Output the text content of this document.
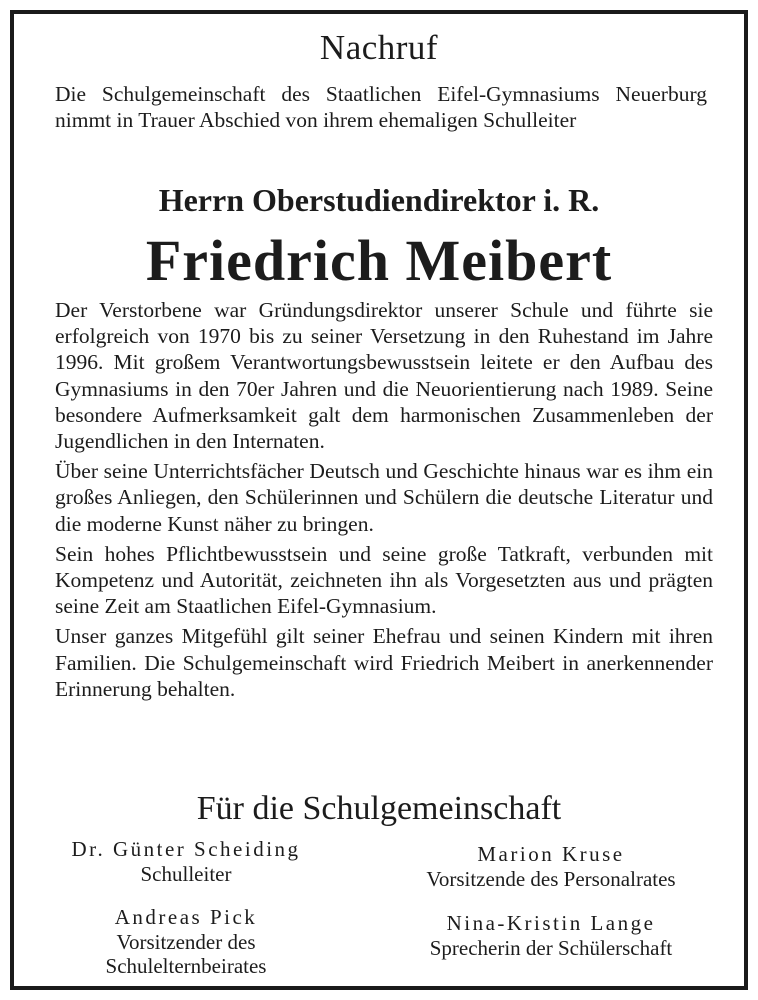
Nachruf
Die Schulgemeinschaft des Staatlichen Eifel-Gymnasiums Neuerburg nimmt in Trauer Abschied von ihrem ehemaligen Schulleiter
Herrn Oberstudiendirektor i. R.
Friedrich Meibert

Der Verstorbene war Gründungsdirektor unserer Schule und führte sie erfolgreich von 1970 bis zu seiner Versetzung in den Ruhestand im Jahre 1996. Mit großem Verantwortungsbewusstsein leitete er den Aufbau des Gymnasiums in den 70er Jahren und die Neuorientierung nach 1989. Seine besondere Aufmerksamkeit galt dem harmonischen Zusammenleben der Jugendlichen in den Internaten.

Über seine Unterrichtsfächer Deutsch und Geschichte hinaus war es ihm ein großes Anliegen, den Schülerinnen und Schülern die deutsche Literatur und die moderne Kunst näher zu bringen.

Sein hohes Pflichtbewusstsein und seine große Tatkraft, verbunden mit Kompetenz und Autorität, zeichneten ihn als Vorgesetzten aus und prägten seine Zeit am Staatlichen Eifel-Gymnasium.

Unser ganzes Mitgefühl gilt seiner Ehefrau und seinen Kindern mit ihren Familien. Die Schulgemeinschaft wird Friedrich Meibert in anerkennender Erinnerung behalten.

Für die Schulgemeinschaft
Dr. Günter Scheiding
Schulleiter
Marion Kruse
Vorsitzende des Personalrates
Andreas Pick
Vorsitzender des Schulelternbeirates
Nina-Kristin Lange
Sprecherin der Schülerschaft
